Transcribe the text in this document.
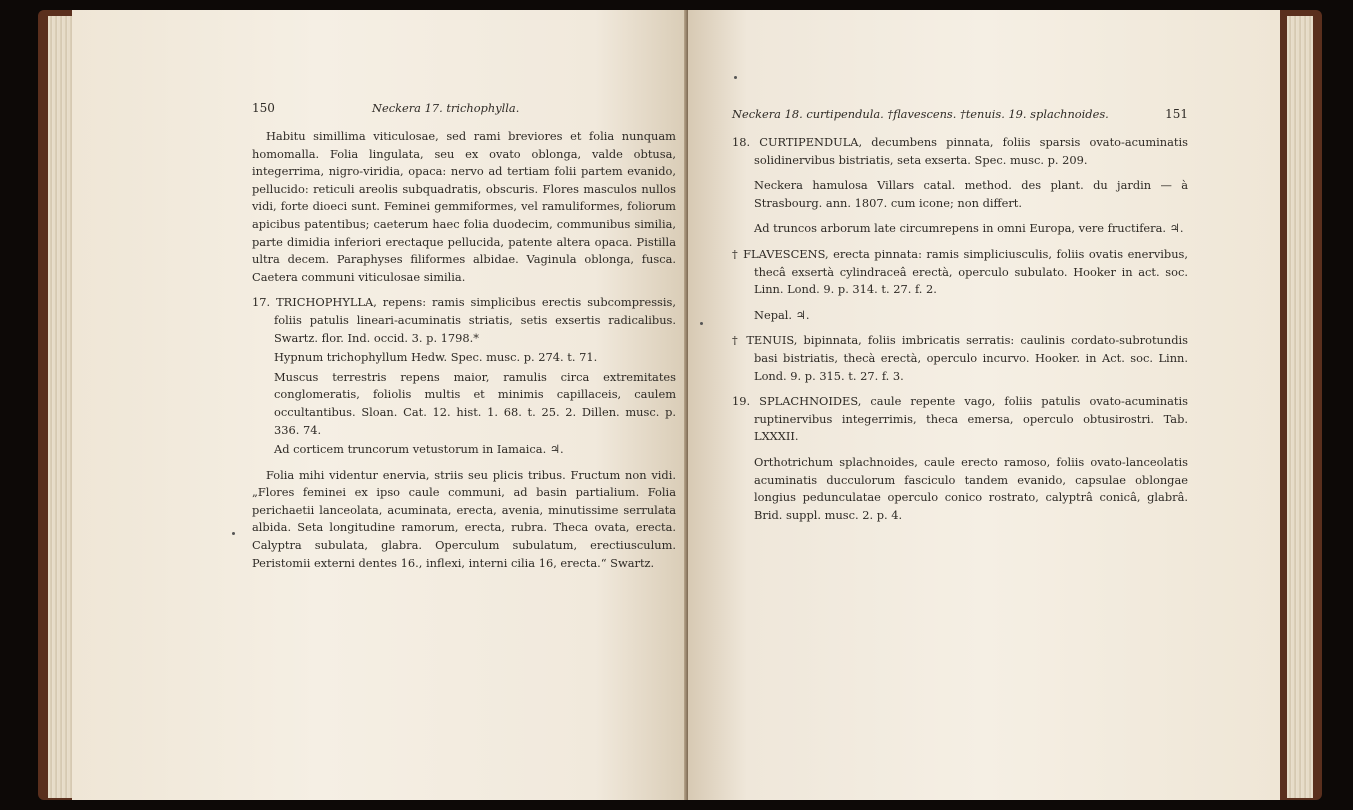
150	Neckera 17. trichophylla.

Habitu simillima viticulosae, sed rami breviores et folia nunquam homomalla. Folia lingulata, seu ex ovato oblonga, valde obtusa, integerrima, nigro-viridia, opaca: nervo ad tertiam folii partem evanido, pellucido: reticuli areolis subquadratis, obscuris. Flores masculos nullos vidi, forte dioeci sunt. Feminei gemmiformes, vel ramuliformes, foliorum apicibus patentibus; caeterum haec folia duodecim, communibus similia, parte dimidia inferiori erectaque pellucida, patente altera opaca. Pistilla ultra decem. Paraphyses filiformes albidae. Vaginula oblonga, fusca. Caetera communi viticulosae similia.

17. TRICHOPHYLLA, repens: ramis simplicibus erectis subcompressis, foliis patulis lineari-acuminatis striatis, setis exsertis radicalibus. Swartz. flor. Ind. occid. 3. p. 1798.*

Hypnum trichophyllum Hedw. Spec. musc. p. 274. t. 71.

Muscus terrestris repens maior, ramulis circa extremitates conglomeratis, foliolis multis et minimis capillaceis, caulem occultantibus. Sloan. Cat. 12. hist. 1. 68. t. 25. 2. Dillen. musc. p. 336. 74.

Ad corticem truncorum vetustorum in Iamaica. ♃.

Folia mihi videntur enervia, striis seu plicis tribus. Fructum non vidi. „Flores feminei ex ipso caule communi, ad basin partialium. Folia perichaetii lanceolata, acuminata, erecta, avenia, minutissime serrulata albida. Seta longitudine ramorum, erecta, rubra. Theca ovata, erecta. Calyptra subulata, glabra. Operculum subulatum, erectiusculum. Peristomii externi dentes 16., inflexi, interni cilia 16, erecta.“ Swartz.

Neckera 18. curtipendula. †flavescens. †tenuis. 19. splachnoides.	151

18. CURTIPENDULA, decumbens pinnata, foliis sparsis ovato-acuminatis solidinervibus bistriatis, seta exserta. Spec. musc. p. 209.

Neckera hamulosa Villars catal. method. des plant. du jardin — à Strasbourg. ann. 1807. cum icone; non differt.

Ad truncos arborum late circumrepens in omni Europa, vere fructifera. ♃.

† FLAVESCENS, erecta pinnata: ramis simpliciusculis, foliis ovatis enervibus, thecâ exsertà cylindraceâ erectà, operculo subulato. Hooker in act. soc. Linn. Lond. 9. p. 314. t. 27. f. 2.

Nepal. ♃.

† TENUIS, bipinnata, foliis imbricatis serratis: caulinis cordato-subrotundis basi bistriatis, thecà erectà, operculo incurvo. Hooker. in Act. soc. Linn. Lond. 9. p. 315. t. 27. f. 3.

19. SPLACHNOIDES, caule repente vago, foliis patulis ovato-acuminatis ruptinervibus integerrimis, theca emersa, operculo obtusirostri. Tab. LXXXII.

Orthotrichum splachnoides, caule erecto ramoso, foliis ovato-lanceolatis acuminatis ducculorum fasciculo tandem evanido, capsulae oblongae longius pedunculatae operculo conico rostrato, calyptrâ conicâ, glabrâ. Brid. suppl. musc. 2. p. 4.
